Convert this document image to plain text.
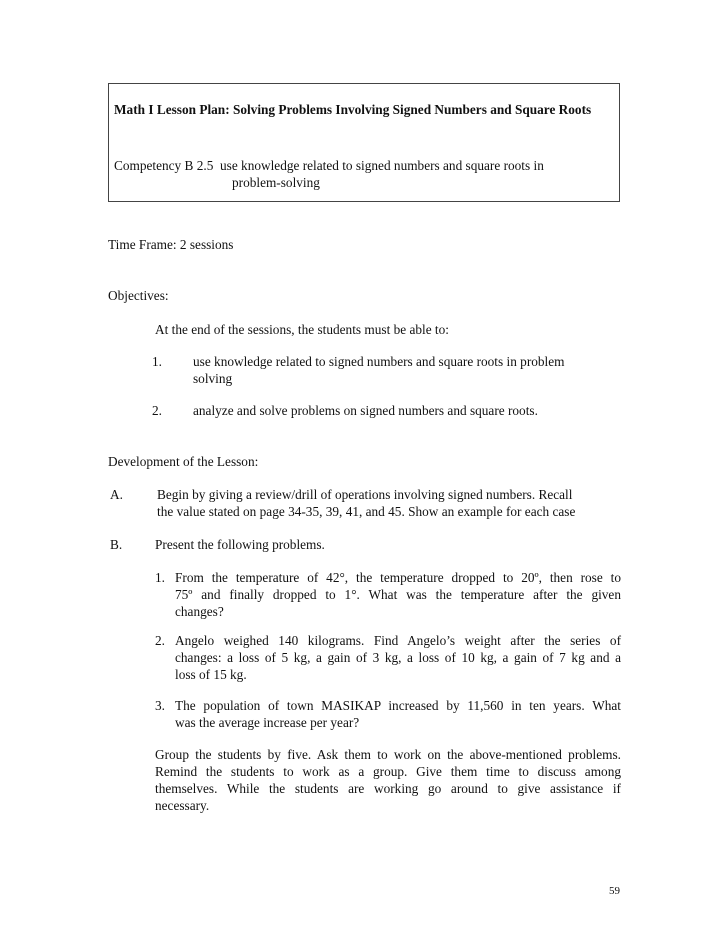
Math I Lesson Plan: Solving Problems Involving Signed Numbers and Square Roots
Competency B 2.5 use knowledge related to signed numbers and square roots in
problem-solving
Time Frame: 2 sessions
Objectives:
At the end of the sessions, the students must be able to:
1. use knowledge related to signed numbers and square roots in problem
solving
2. analyze and solve problems on signed numbers and square roots.
Development of the Lesson:
A.	Begin by giving a review/drill of operations involving signed numbers. Recall
the value stated on page 34-35, 39, 41, and 45. Show an example for each case
B. Present the following problems.
1. From the temperature of 42°, the temperature dropped to 20º, then rose to
75º and finally dropped to 1°. What was the temperature after the given
changes?
2. Angelo weighed 140 kilograms. Find Angelo’s weight after the series of
changes: a loss of 5 kg, a gain of 3 kg, a loss of 10 kg, a gain of 7 kg and a
loss of 15 kg.
3. The population of town MASIKAP increased by 11,560 in ten years. What
was the average increase per year?
Group the students by five. Ask them to work on the above-mentioned problems.
Remind the students to work as a group. Give them time to discuss among
themselves. While the students are working go around to give assistance if
necessary.
59
